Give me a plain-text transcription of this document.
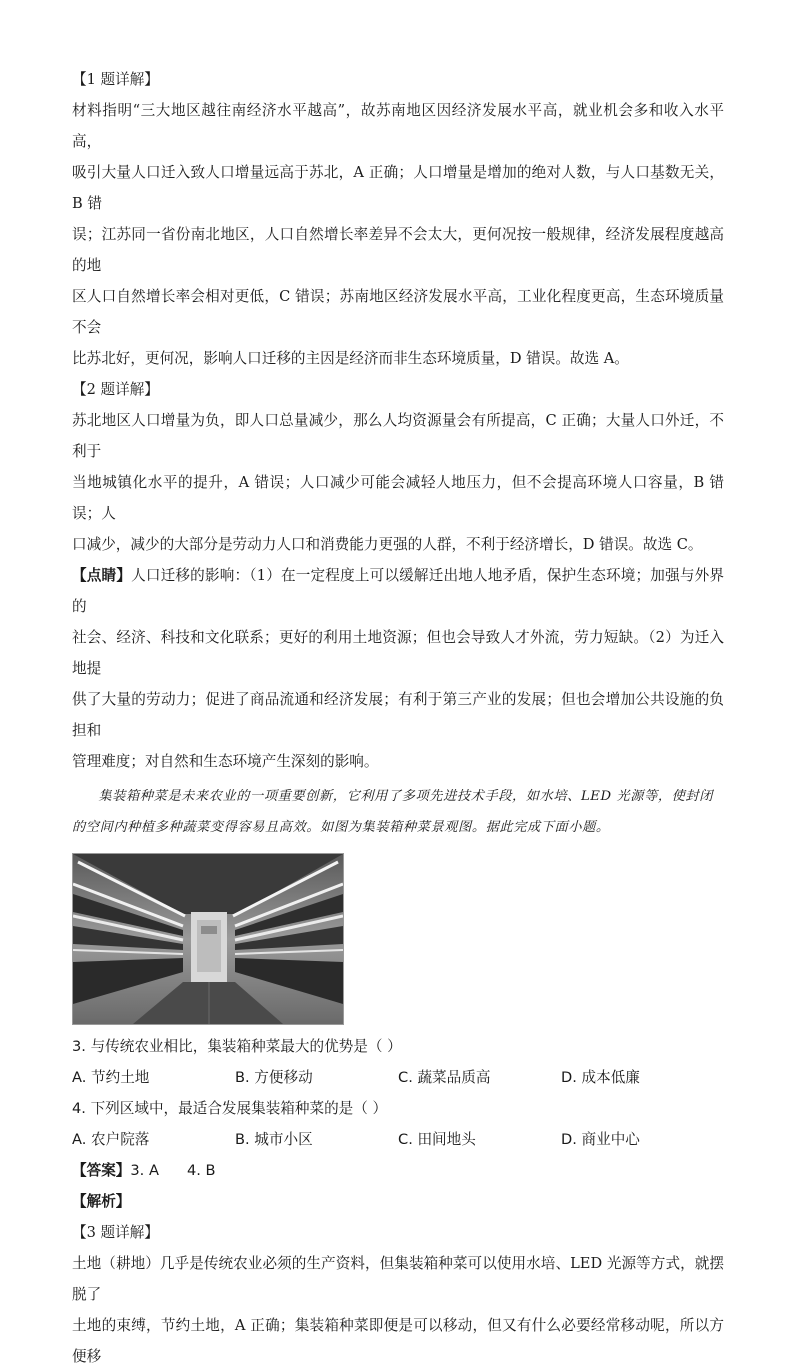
【1 题详解】

材料指明“三大地区越往南经济水平越高”，故苏南地区因经济发展水平高，就业机会多和收入水平高，

吸引大量人口迁入致人口增量远高于苏北，A 正确；人口增量是增加的绝对人数，与人口基数无关，B 错

误；江苏同一省份南北地区，人口自然增长率差异不会太大，更何况按一般规律，经济发展程度越高的地

区人口自然增长率会相对更低，C 错误；苏南地区经济发展水平高，工业化程度更高，生态环境质量不会

比苏北好，更何况，影响人口迁移的主因是经济而非生态环境质量，D 错误。故选 A。

【2 题详解】

苏北地区人口增量为负，即人口总量减少，那么人均资源量会有所提高，C 正确；大量人口外迁，不利于

当地城镇化水平的提升，A 错误；人口减少可能会减轻人地压力，但不会提高环境人口容量，B 错误；人

口减少，减少的大部分是劳动力人口和消费能力更强的人群，不利于经济增长，D 错误。故选 C。

【点睛】人口迁移的影响：（1）在一定程度上可以缓解迁出地人地矛盾，保护生态环境；加强与外界的

社会、经济、科技和文化联系；更好的利用土地资源；但也会导致人才外流，劳力短缺。（2）为迁入地提

供了大量的劳动力；促进了商品流通和经济发展；有利于第三产业的发展；但也会增加公共设施的负担和

管理难度；对自然和生态环境产生深刻的影响。

集装箱种菜是未来农业的一项重要创新，它利用了多项先进技术手段，如水培、LED 光源等，使封闭

的空间内种植多种蔬菜变得容易且高效。如图为集装箱种菜景观图。据此完成下面小题。

3. 与传统农业相比，集装箱种菜最大的优势是（ ）

A. 节约土地	B. 方便移动	C. 蔬菜品质高	D. 成本低廉

4. 下列区域中，最适合发展集装箱种菜的是（ ）

A. 农户院落	B. 城市小区	C. 田间地头	D. 商业中心

【答案】3. A 4. B

【解析】

【3 题详解】

土地（耕地）几乎是传统农业必须的生产资料，但集装箱种菜可以使用水培、LED 光源等方式，就摆脱了

土地的束缚，节约土地，A 正确；集装箱种菜即便是可以移动，但又有什么必要经常移动呢，所以方便移
